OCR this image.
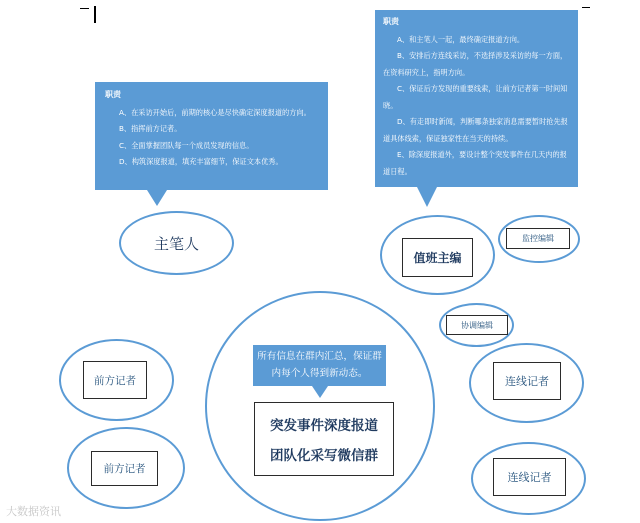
职责
A、在采访开始后，前期的核心是尽快确定深度报道的方向。
B、指挥前方记者。
C、全面掌握团队每一个成员发现的信息。
D、构筑深度报道，填充丰富细节，保证文本优秀。
职责
A、和主笔人一起，最终确定报道方向。
B、安排后方连线采访，不选择涉及采访的每一方面，在资料研究上，指明方向。
C、保证后方发现的重要线索，让前方记者第一时间知晓。
D、有走即时新闻，判断哪条独家消息需要暂时抢先报道具体线索，保证独家性在当天的持续。
E、除深度报道外，要设计整个突发事件在几天内的报道日程。
主笔人
值班主编
监控编辑
协调编辑
所有信息在群内汇总，保证群内每个人得到新动态。
突发事件深度报道
团队化采写微信群
前方记者
前方记者
连线记者
连线记者
大数据资讯
